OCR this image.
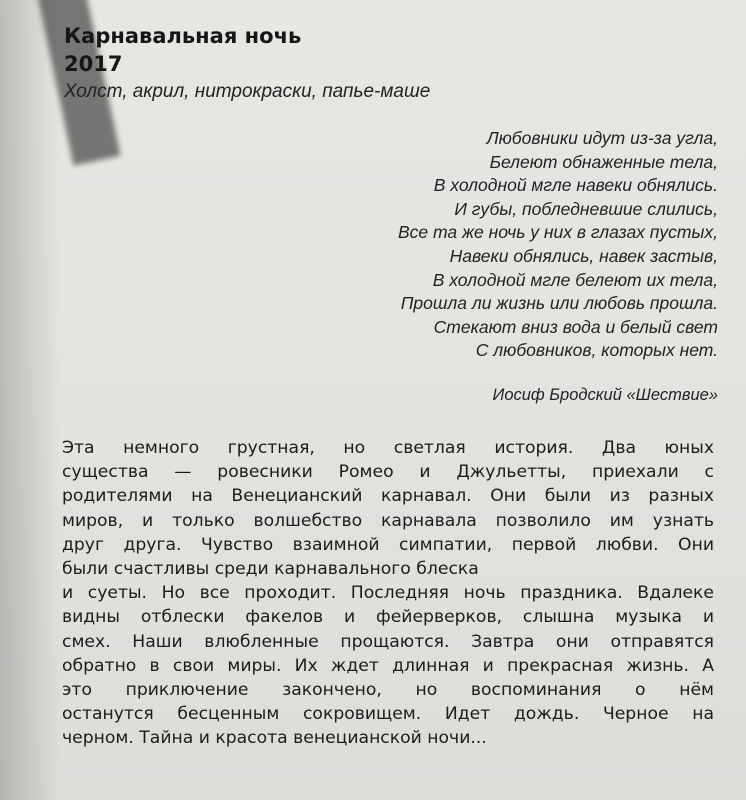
Карнавальная ночь
2017
Холст, акрил, нитрокраски, папье-маше
Любовники идут из-за угла,
Белеют обнаженные тела,
В холодной мгле навеки обнялись.
И губы, побледневшие слились,
Все та же ночь у них в глазах пустых,
Навеки обнялись, навек застыв,
В холодной мгле белеют их тела,
Прошла ли жизнь или любовь прошла.
Стекают вниз вода и белый свет
С любовников, которых нет.
Иосиф Бродский «Шествие»
Эта немного грустная, но светлая история. Два юных
существа — ровесники Ромео и Джульетты, приехали с
родителями на Венецианский карнавал. Они были из разных
миров, и только волшебство карнавала позволило им узнать
друг друга. Чувство взаимной симпатии, первой любви. Они
были счастливы среди карнавального блеска
и суеты. Но все проходит. Последняя ночь праздника. Вдалеке
видны отблески факелов и фейерверков, слышна музыка и
смех. Наши влюбленные прощаются. Завтра они отправятся
обратно в свои миры. Их ждет длинная и прекрасная жизнь. А
это приключение закончено, но воспоминания о нём
останутся бесценным сокровищем. Идет дождь. Черное на
черном. Тайна и красота венецианской ночи...
